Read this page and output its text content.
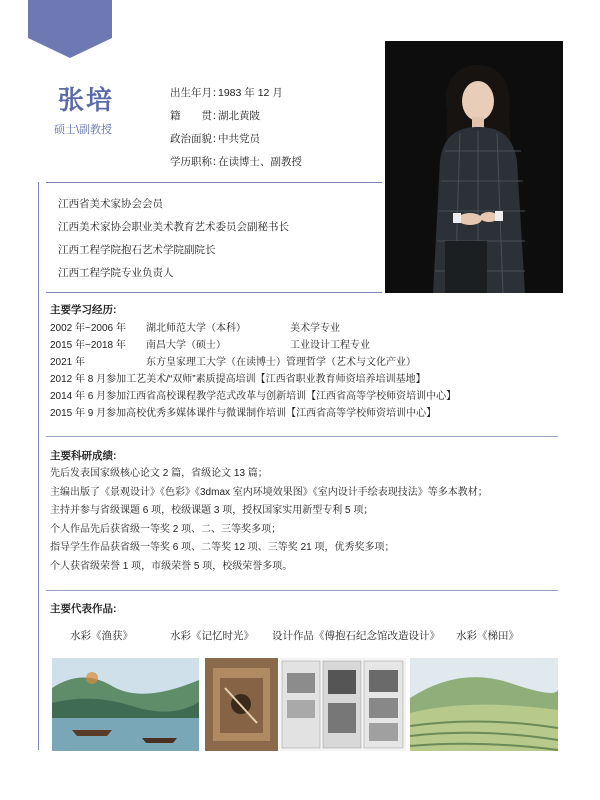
张培
硕士\副教授
出生年月：1983 年 12 月
籍　　贯：湖北黄陂
政治面貌：中共党员
学历职称：在读博士、副教授
江西省美术家协会会员
江西美术家协会职业美术教育艺术委员会副秘书长
江西工程学院抱石艺术学院副院长
江西工程学院专业负责人
主要学习经历:
2002 年~2006 年 湖北师范大学（本科）	美术学专业
2015 年~2018 年 南昌大学（硕士）	工业设计工程专业
2021 年	东方皇家理工大学（在读博士）管理哲学（艺术与文化产业）
2012 年 8 月参加工艺美术/“双师”素质提高培训【江西省职业教育师资培养培训基地】
2014 年 6 月参加江西省高校课程教学范式改革与创新培训【江西省高等学校师资培训中心】
2015 年 9 月参加高校优秀多媒体课件与微课制作培训【江西省高等学校师资培训中心】
主要科研成绩:
先后发表国家级核心论文 2 篇，省级论文 13 篇；
主编出版了《景观设计》《色彩》《3dmax 室内环境效果图》《室内设计手绘表现技法》等多本教材；
主持并参与省级课题 6 项，校级课题 3 项，授权国家实用新型专利 5 项；
个人作品先后获省级一等奖 2 项、二、三等奖多项；
指导学生作品获省级一等奖 6 项、二等奖 12 项、三等奖 21 项，优秀奖多项；
个人获省级荣誉 1 项，市级荣誉 5 项，校级荣誉多项。
主要代表作品:
水彩《渔获》	水彩《记忆时光》 设计作品《傅抱石纪念馆改造设计》 水彩《梯田》
